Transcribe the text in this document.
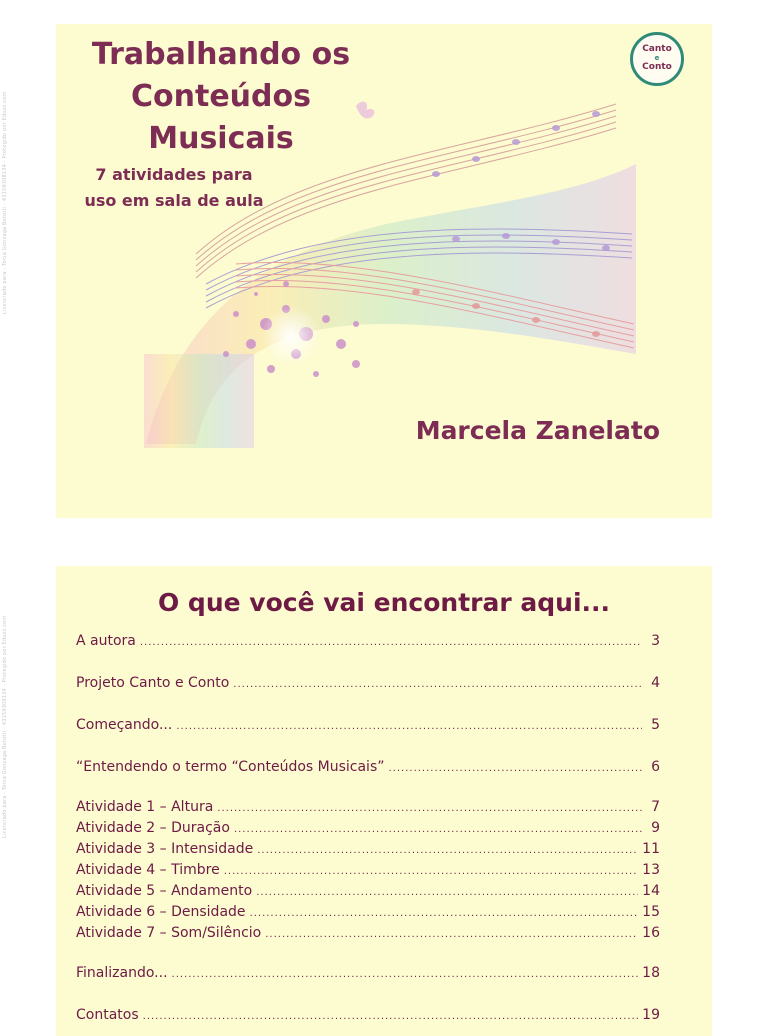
Licenciado para - Tonia Gonzaga Betotti - 43159308134 - Protegido por Eduzz.com
Licenciado para - Tonia Gonzaga Betotti - 43159308134 - Protegido por Eduzz.com
Trabalhando os
Conteúdos
Musicais
7 atividades para
uso em sala de aula
Canto

e
Conto
Marcela Zanelato
O que você vai encontrar aqui...
A autora .....	3
Projeto Canto e Conto .....	4
Começando... .....	5
“Entendendo o termo “Conteúdos Musicais” .....	6
Atividade 1 – Altura .....	7
Atividade 2 – Duração .....	9
Atividade 3 – Intensidade .....	11
Atividade 4 – Timbre .....	13
Atividade 5 – Andamento .....	14
Atividade 6 – Densidade .....	15
Atividade 7 – Som/Silêncio .....	16
Finalizando... .....	18
Contatos .....	19
